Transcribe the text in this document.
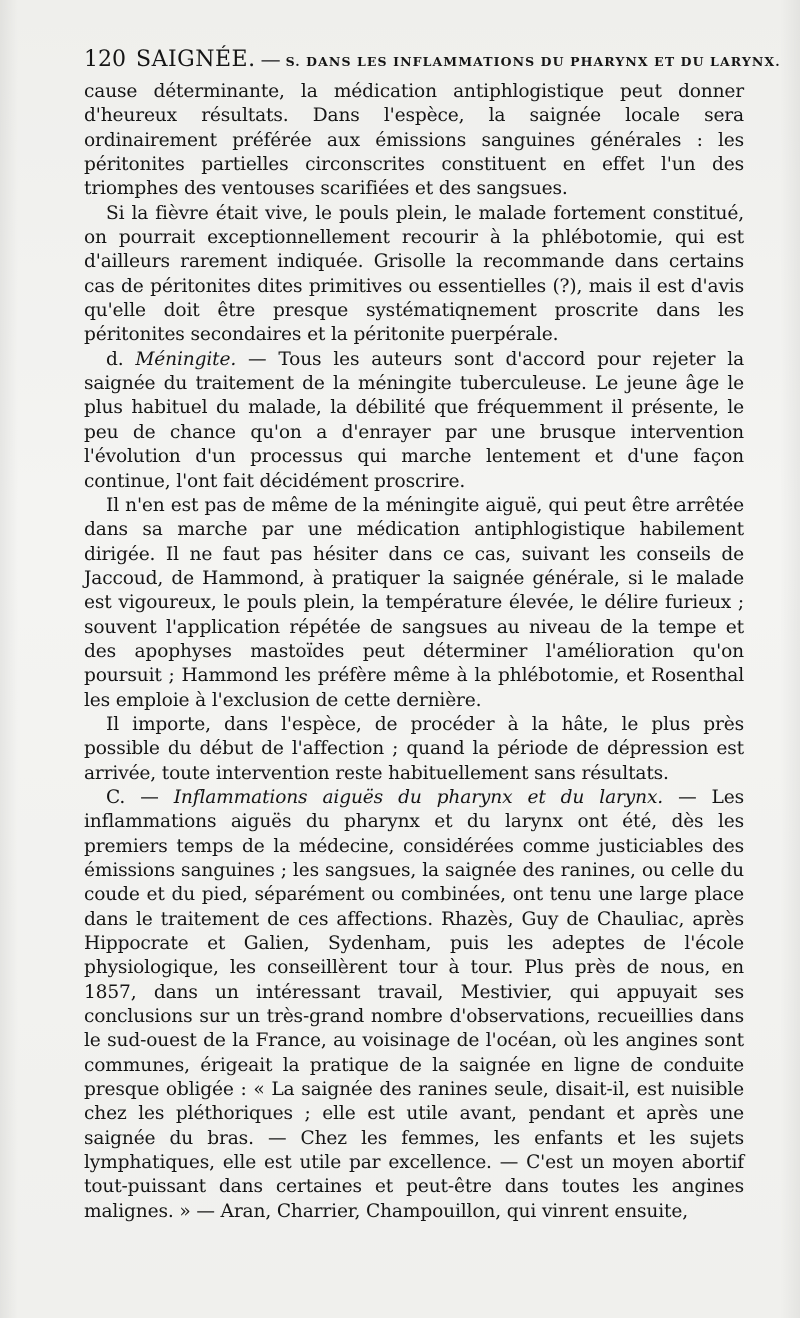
120 SAIGNÉE. — S. DANS LES INFLAMMATIONS DU PHARYNX ET DU LARYNX.

cause déterminante, la médication antiphlogistique peut donner d'heureux résultats. Dans l'espèce, la saignée locale sera ordinairement préférée aux émissions sanguines générales : les péritonites partielles circonscrites constituent en effet l'un des triomphes des ventouses scarifiées et des sangsues.

Si la fièvre était vive, le pouls plein, le malade fortement constitué, on pourrait exceptionnellement recourir à la phlébotomie, qui est d'ailleurs rarement indiquée. Grisolle la recommande dans certains cas de péritonites dites primitives ou essentielles (?), mais il est d'avis qu'elle doit être presque systématiqnement proscrite dans les péritonites secondaires et la péritonite puerpérale.

d. Méningite. — Tous les auteurs sont d'accord pour rejeter la saignée du traitement de la méningite tuberculeuse. Le jeune âge le plus habituel du malade, la débilité que fréquemment il présente, le peu de chance qu'on a d'enrayer par une brusque intervention l'évolution d'un processus qui marche lentement et d'une façon continue, l'ont fait décidément proscrire.

Il n'en est pas de même de la méningite aiguë, qui peut être arrêtée dans sa marche par une médication antiphlogistique habilement dirigée. Il ne faut pas hésiter dans ce cas, suivant les conseils de Jaccoud, de Hammond, à pratiquer la saignée générale, si le malade est vigoureux, le pouls plein, la température élevée, le délire furieux ; souvent l'application répétée de sangsues au niveau de la tempe et des apophyses mastoïdes peut déterminer l'amélioration qu'on poursuit ; Hammond les préfère même à la phlébotomie, et Rosenthal les emploie à l'exclusion de cette dernière.

Il importe, dans l'espèce, de procéder à la hâte, le plus près possible du début de l'affection ; quand la période de dépression est arrivée, toute intervention reste habituellement sans résultats.

C. — Inflammations aiguës du pharynx et du larynx. — Les inflammations aiguës du pharynx et du larynx ont été, dès les premiers temps de la médecine, considérées comme justiciables des émissions sanguines ; les sangsues, la saignée des ranines, ou celle du coude et du pied, séparément ou combinées, ont tenu une large place dans le traitement de ces affections. Rhazès, Guy de Chauliac, après Hippocrate et Galien, Sydenham, puis les adeptes de l'école physiologique, les conseillèrent tour à tour. Plus près de nous, en 1857, dans un intéressant travail, Mestivier, qui appuyait ses conclusions sur un très-grand nombre d'observations, recueillies dans le sud-ouest de la France, au voisinage de l'océan, où les angines sont communes, érigeait la pratique de la saignée en ligne de conduite presque obligée : « La saignée des ranines seule, disait-il, est nuisible chez les pléthoriques ; elle est utile avant, pendant et après une saignée du bras. — Chez les femmes, les enfants et les sujets lymphatiques, elle est utile par excellence. — C'est un moyen abortif tout-puissant dans certaines et peut-être dans toutes les angines malignes. » — Aran, Charrier, Champouillon, qui vinrent ensuite,
